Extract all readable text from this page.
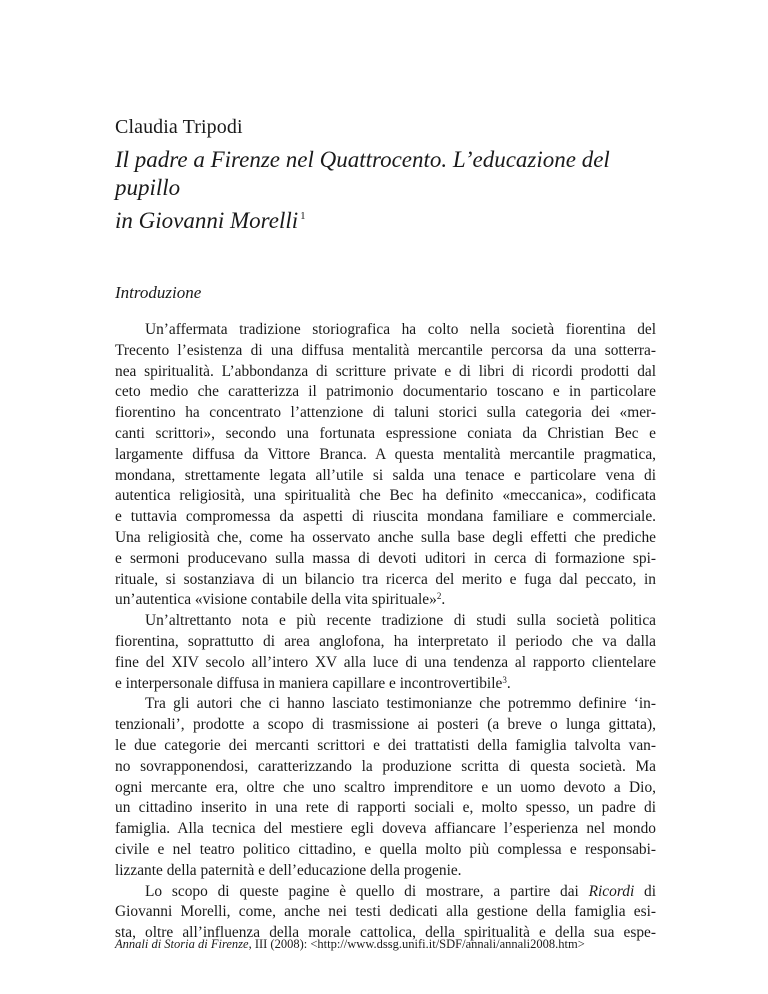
Claudia Tripodi
Il padre a Firenze nel Quattrocento. L’educazione del pupillo
in Giovanni Morelli $^1$
Introduzione
Un’affermata tradizione storiografica ha colto nella società fiorentina del
Trecento l’esistenza di una diffusa mentalità mercantile percorsa da una sotterra-
nea spiritualità. L’abbondanza di scritture private e di libri di ricordi prodotti dal
ceto medio che caratterizza il patrimonio documentario toscano e in particolare
fiorentino ha concentrato l’attenzione di taluni storici sulla categoria dei «mer-
canti scrittori», secondo una fortunata espressione coniata da Christian Bec e
largamente diffusa da Vittore Branca. A questa mentalità mercantile pragmatica,
mondana, strettamente legata all’utile si salda una tenace e particolare vena di
autentica religiosità, una spiritualità che Bec ha definito «meccanica», codificata
e tuttavia compromessa da aspetti di riuscita mondana familiare e commerciale.
Una religiosità che, come ha osservato anche sulla base degli effetti che prediche
e sermoni producevano sulla massa di devoti uditori in cerca di formazione spi-
rituale, si sostanziava di un bilancio tra ricerca del merito e fuga dal peccato, in
un’autentica «visione contabile della vita spirituale»$^2$.
Un’altrettanto nota e più recente tradizione di studi sulla società politica
fiorentina, soprattutto di area anglofona, ha interpretato il periodo che va dalla
fine del XIV secolo all’intero XV alla luce di una tendenza al rapporto clientelare
e interpersonale diffusa in maniera capillare e incontrovertibile$^3$.
Tra gli autori che ci hanno lasciato testimonianze che potremmo definire ‘in-
tenzionali’, prodotte a scopo di trasmissione ai posteri (a breve o lunga gittata),
le due categorie dei mercanti scrittori e dei trattatisti della famiglia talvolta van-
no sovrapponendosi, caratterizzando la produzione scritta di questa società. Ma
ogni mercante era, oltre che uno scaltro imprenditore e un uomo devoto a Dio,
un cittadino inserito in una rete di rapporti sociali e, molto spesso, un padre di
famiglia. Alla tecnica del mestiere egli doveva affiancare l’esperienza nel mondo
civile e nel teatro politico cittadino, e quella molto più complessa e responsabi-
lizzante della paternità e dell’educazione della progenie.
Lo scopo di queste pagine è quello di mostrare, a partire dai Ricordi di
Giovanni Morelli, come, anche nei testi dedicati alla gestione della famiglia esi-
sta, oltre all’influenza della morale cattolica, della spiritualità e della sua espe-
Annali di Storia di Firenze, III (2008): <http://www.dssg.unifi.it/SDF/annali/annali2008.htm>
